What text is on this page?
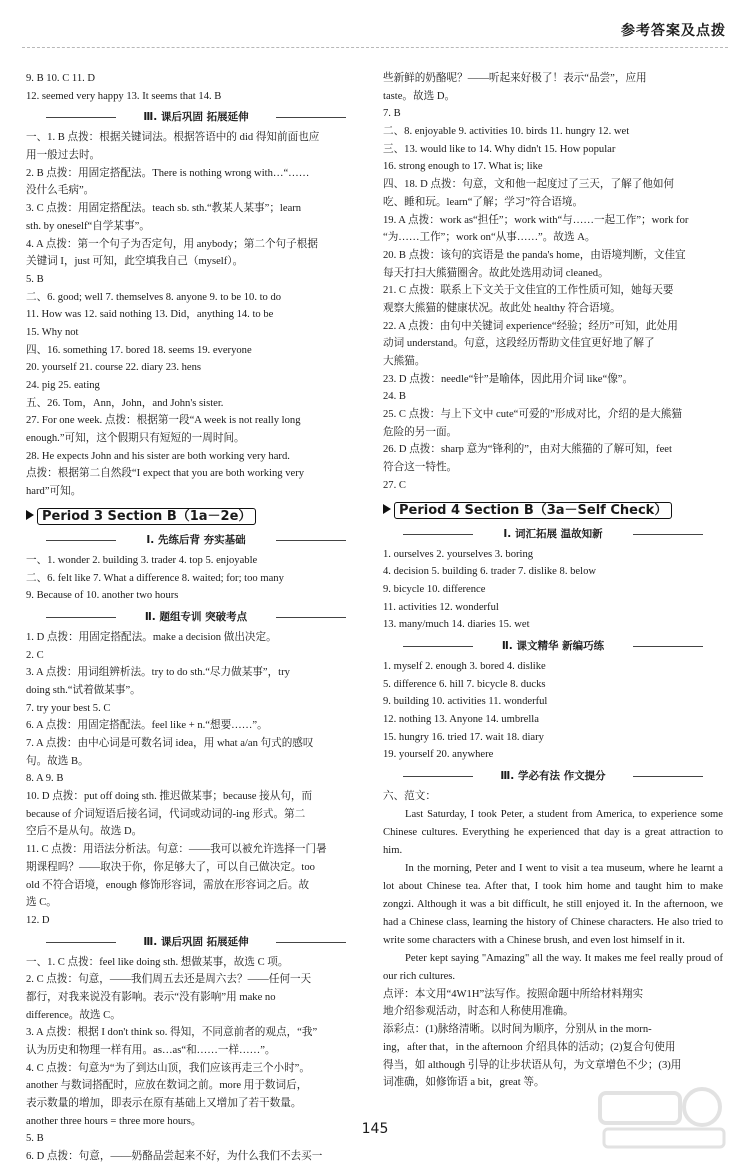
参考答案及点拨
9. B 10. C 11. D
12. seemed very happy 13. It seems that 14. B
Ⅲ. 课后巩固 拓展延伸
一、1. B 点拨：根据关键词法。根据答语中的 did 得知前面也应
用一般过去时。
2. B 点拨：用固定搭配法。There is nothing wrong with…“……
没什么毛病”。
3. C 点拨：用固定搭配法。teach sb. sth.“教某人某事”；learn
sth. by oneself“自学某事”。
4. A 点拨：第一个句子为否定句，用 anybody；第二个句子根据
关键词 I，just 可知，此空填我自己（myself）。
5. B
二、6. good; well 7. themselves 8. anyone 9. to be 10. to do
11. How was 12. said nothing 13. Did，anything 14. to be
15. Why not
四、16. something 17. bored 18. seems 19. everyone
20. yourself 21. course 22. diary 23. hens
24. pig 25. eating
五、26. Tom，Ann，John，and John's sister.
27. For one week. 点拨：根据第一段“A week is not really long
enough.”可知，这个假期只有短短的一周时间。
28. He expects John and his sister are both working very hard.
点拨：根据第二自然段“I expect that you are both working very
hard”可知。
Period 3 Section B（1a－2e）
Ⅰ. 先练后背 夯实基础
一、1. wonder 2. building 3. trader 4. top 5. enjoyable
二、6. felt like 7. What a difference 8. waited; for; too many
9. Because of 10. another two hours
Ⅱ. 题组专训 突破考点
1. D 点拨：用固定搭配法。make a decision 做出决定。
2. C
3. A 点拨：用词组辨析法。try to do sth.“尽力做某事”，try
doing sth.“试着做某事”。
7. try your best 5. C
6. A 点拨：用固定搭配法。feel like + n.“想要……”。
7. A 点拨：由中心词是可数名词 idea，用 what a/an 句式的感叹
句。故选 B。
8. A 9. B
10. D 点拨：put off doing sth. 推迟做某事；because 接从句，而
because of 介词短语后接名词，代词或动词的-ing 形式。第二
空后不是从句。故选 D。
11. C 点拨：用语法分析法。句意：——我可以被允许选择一门暑
期课程吗？——取决于你，你足够大了，可以自己做决定。too
old 不符合语境，enough 修饰形容词，需放在形容词之后。故
选 C。
12. D
Ⅲ. 课后巩固 拓展延伸
一、1. C 点拨：feel like doing sth. 想做某事，故选 C 项。
2. C 点拨：句意，——我们周五去还是周六去？——任何一天
都行，对我来说没有影响。表示“没有影响”用 make no
difference。故选 C。
3. A 点拨：根据 I don't think so. 得知，不同意前者的观点，“我”
认为历史和物理一样有用。as…as“和……一样……”。
4. C 点拨：句意为“为了到达山顶，我们应该再走三个小时”。
another 与数词搭配时，应放在数词之前。more 用于数词后，
表示数量的增加，即表示在原有基础上又增加了若干数量。
another three hours = three more hours。
5. B
6. D 点拨：句意，——奶酪品尝起来不好，为什么我们不去买一
些新鲜的奶酪呢？——听起来好极了！表示“品尝”，应用
taste。故选 D。
7. B
二、8. enjoyable 9. activities 10. birds 11. hungry 12. wet
三、13. would like to 14. Why didn't 15. How popular
16. strong enough to 17. What is; like
四、18. D 点拨：句意，文和他一起度过了三天，了解了他如何
吃、睡和玩。learn“了解；学习”符合语境。
19. A 点拨：work as“担任”；work with“与……一起工作”；work for
“为……工作”；work on“从事……”。故选 A。
20. B 点拨：该句的宾语是 the panda's home，由语境判断，文佳宜
每天打扫大熊猫圈舍。故此处选用动词 cleaned。
21. C 点拨：联系上下文关于文佳宜的工作性质可知，她每天要
观察大熊猫的健康状况。故此处 healthy 符合语境。
22. A 点拨：由句中关键词 experience“经验；经历”可知，此处用
动词 understand。句意，这段经历帮助文佳宜更好地了解了
大熊猫。
23. D 点拨：needle“针”是喻体，因此用介词 like“像”。
24. B
25. C 点拨：与上下文中 cute“可爱的”形成对比，介绍的是大熊猫
危险的另一面。
26. D 点拨：sharp 意为“锋利的”，由对大熊猫的了解可知，feet
符合这一特性。
27. C
Period 4 Section B（3a－Self Check）
Ⅰ. 词汇拓展 温故知新
1. ourselves 2. yourselves 3. boring
4. decision 5. building 6. trader 7. dislike 8. below
9. bicycle 10. difference
11. activities 12. wonderful
13. many/much 14. diaries 15. wet
Ⅱ. 课文精华 新编巧练
1. myself 2. enough 3. bored 4. dislike
5. difference 6. hill 7. bicycle 8. ducks
9. building 10. activities 11. wonderful
12. nothing 13. Anyone 14. umbrella
15. hungry 16. tried 17. wait 18. diary
19. yourself 20. anywhere
Ⅲ. 学必有法 作文提分
六、范文：
Last Saturday, I took Peter, a student from America, to experience some Chinese cultures. Everything he experienced that day is a great attraction to him.
In the morning, Peter and I went to visit a tea museum, where he learnt a lot about Chinese tea. After that, I took him home and taught him to make zongzi. Although it was a bit difficult, he still enjoyed it. In the afternoon, we had a Chinese class, learning the history of Chinese characters. He also tried to write some characters with a Chinese brush, and even lost himself in it.
Peter kept saying "Amazing" all the way. It makes me feel really proud of our rich cultures.
点评：本文用“4W1H”法写作。按照命题中所给材料翔实
地介绍参观活动，时态和人称使用准确。
添彩点：(1)脉络清晰。以时间为顺序，分别从 in the morn-
ing，after that，in the afternoon 介绍具体的活动；(2)复合句使用
得当，如 although 引导的让步状语从句，为文章增色不少；(3)用
词准确，如修饰语 a bit，great 等。
145
